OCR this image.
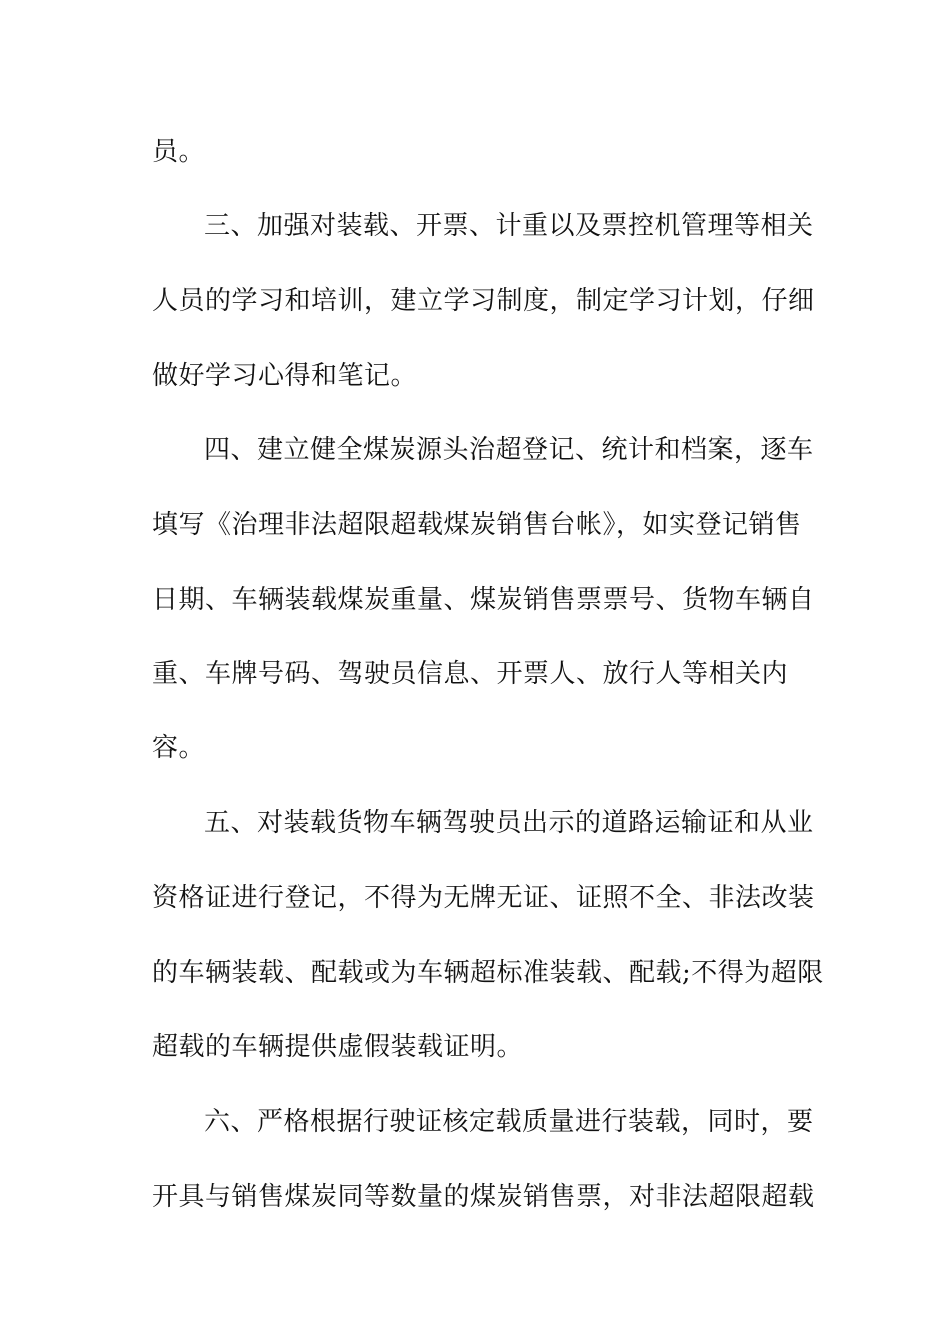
员。
三、加强对装载、开票、计重以及票控机管理等相关
人员的学习和培训，建立学习制度，制定学习计划，仔细
做好学习心得和笔记。
四、建立健全煤炭源头治超登记、统计和档案，逐车
填写《治理非法超限超载煤炭销售台帐》，如实登记销售
日期、车辆装载煤炭重量、煤炭销售票票号、货物车辆自
重、车牌号码、驾驶员信息、开票人、放行人等相关内
容。
五、对装载货物车辆驾驶员出示的道路运输证和从业
资格证进行登记，不得为无牌无证、证照不全、非法改装
的车辆装载、配载或为车辆超标准装载、配载;不得为超限
超载的车辆提供虚假装载证明。
六、严格根据行驶证核定载质量进行装载，同时，要
开具与销售煤炭同等数量的煤炭销售票，对非法超限超载
